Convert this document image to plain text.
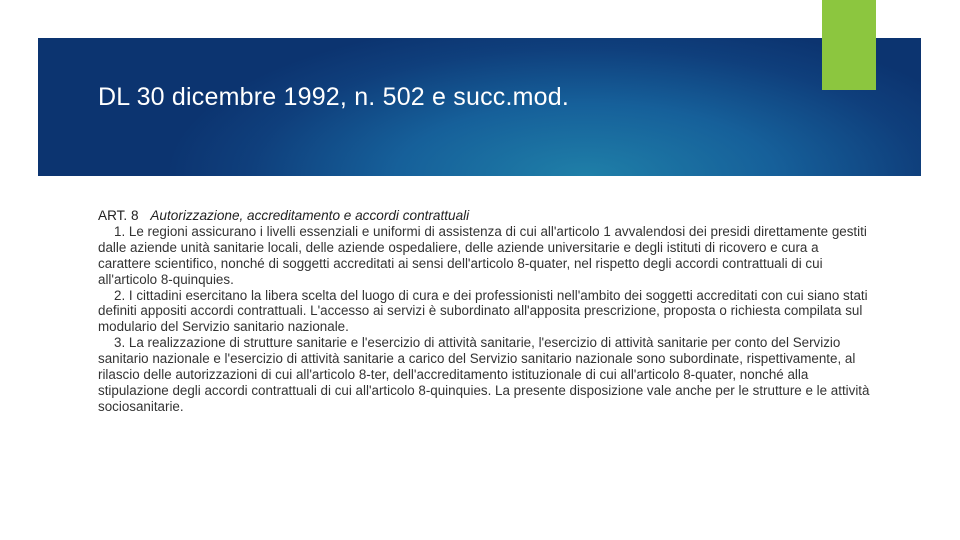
DL 30 dicembre 1992, n. 502 e succ.mod.
ART. 8 Autorizzazione, accreditamento e accordi contrattuali

1. Le regioni assicurano i livelli essenziali e uniformi di assistenza di cui all'articolo 1 avvalendosi dei presidi direttamente gestiti dalle aziende unità sanitarie locali, delle aziende ospedaliere, delle aziende universitarie e degli istituti di ricovero e cura a carattere scientifico, nonché di soggetti accreditati ai sensi dell'articolo 8-quater, nel rispetto degli accordi contrattuali di cui all'articolo 8-quinquies.

2. I cittadini esercitano la libera scelta del luogo di cura e dei professionisti nell'ambito dei soggetti accreditati con cui siano stati definiti appositi accordi contrattuali. L'accesso ai servizi è subordinato all'apposita prescrizione, proposta o richiesta compilata sul modulario del Servizio sanitario nazionale.

3. La realizzazione di strutture sanitarie e l'esercizio di attività sanitarie, l'esercizio di attività sanitarie per conto del Servizio sanitario nazionale e l'esercizio di attività sanitarie a carico del Servizio sanitario nazionale sono subordinate, rispettivamente, al rilascio delle autorizzazioni di cui all'articolo 8-ter, dell'accreditamento istituzionale di cui all'articolo 8-quater, nonché alla stipulazione degli accordi contrattuali di cui all'articolo 8-quinquies. La presente disposizione vale anche per le strutture e le attività sociosanitarie.
